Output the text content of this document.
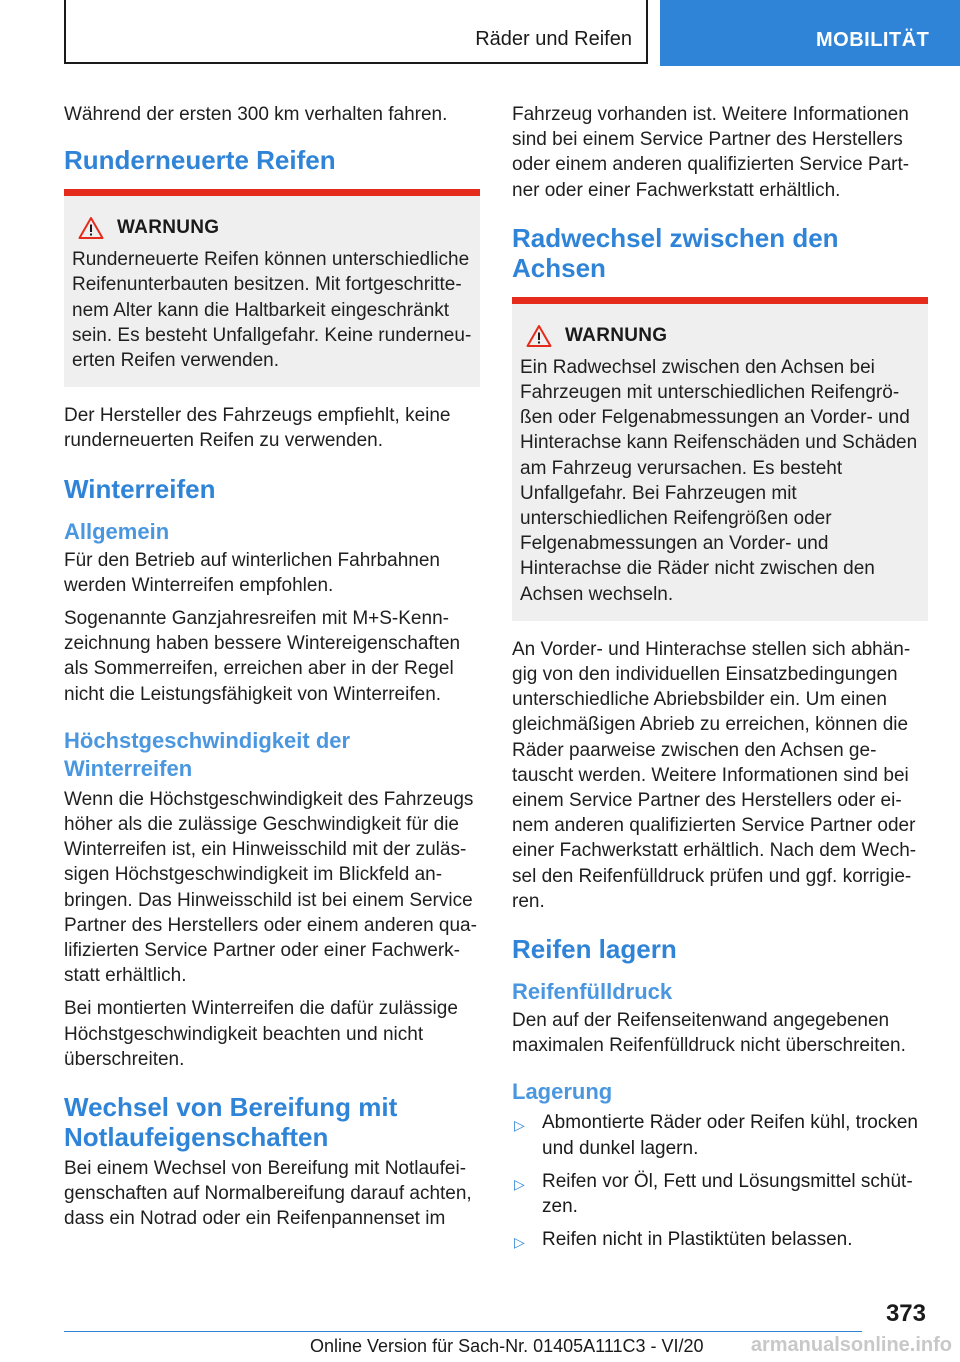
Räder und Reifen	MOBILITÄT

Während der ersten 300 km verhalten fahren.

Runderneuerte Reifen
WARNUNG

Runderneuerte Reifen können unterschiedliche Reifenunterbauten besitzen. Mit fortgeschrittenem Alter kann die Haltbarkeit eingeschränkt sein. Es besteht Unfallgefahr. Keine runderneuerten Reifen verwenden.

Der Hersteller des Fahrzeugs empfiehlt, keine runderneuerten Reifen zu verwenden.

Winterreifen
Allgemein

Für den Betrieb auf winterlichen Fahrbahnen werden Winterreifen empfohlen.

Sogenannte Ganzjahresreifen mit M+S-Kennzeichnung haben bessere Wintereigenschaften als Sommerreifen, erreichen aber in der Regel nicht die Leistungsfähigkeit von Winterreifen.

Höchstgeschwindigkeit der Winterreifen

Wenn die Höchstgeschwindigkeit des Fahrzeugs höher als die zulässige Geschwindigkeit für die Winterreifen ist, ein Hinweisschild mit der zulässigen Höchstgeschwindigkeit im Blickfeld anbringen. Das Hinweisschild ist bei einem Service Partner des Herstellers oder einem anderen qualifizierten Service Partner oder einer Fachwerkstatt erhältlich.

Bei montierten Winterreifen die dafür zulässige Höchstgeschwindigkeit beachten und nicht überschreiten.

Wechsel von Bereifung mit Notlaufeigenschaften

Bei einem Wechsel von Bereifung mit Notlaufeigenschaften auf Normalbereifung darauf achten, dass ein Notrad oder ein Reifenpannenset im

Fahrzeug vorhanden ist. Weitere Informationen sind bei einem Service Partner des Herstellers oder einem anderen qualifizierten Service Partner oder einer Fachwerkstatt erhältlich.

Radwechsel zwischen den Achsen
WARNUNG

Ein Radwechsel zwischen den Achsen bei Fahrzeugen mit unterschiedlichen Reifengrößen oder Felgenabmessungen an Vorder- und Hinterachse kann Reifenschäden und Schäden am Fahrzeug verursachen. Es besteht Unfallgefahr. Bei Fahrzeugen mit unterschiedlichen Reifengrößen oder Felgenabmessungen an Vorder- und Hinterachse die Räder nicht zwischen den Achsen wechseln.

An Vorder- und Hinterachse stellen sich abhängig von den individuellen Einsatzbedingungen unterschiedliche Abriebsbilder ein. Um einen gleichmäßigen Abrieb zu erreichen, können die Räder paarweise zwischen den Achsen getauscht werden. Weitere Informationen sind bei einem Service Partner des Herstellers oder einem anderen qualifizierten Service Partner oder einer Fachwerkstatt erhältlich. Nach dem Wechsel den Reifenfülldruck prüfen und ggf. korrigieren.

Reifen lagern
Reifenfülldruck

Den auf der Reifenseitenwand angegebenen maximalen Reifenfülldruck nicht überschreiten.

Lagerung
▷ Abmontierte Räder oder Reifen kühl, trocken und dunkel lagern.
▷ Reifen vor Öl, Fett und Lösungsmittel schützen.
▷ Reifen nicht in Plastiktüten belassen.
373
Online Version für Sach-Nr. 01405A111C3 - VI/20 armanualsonline.info
